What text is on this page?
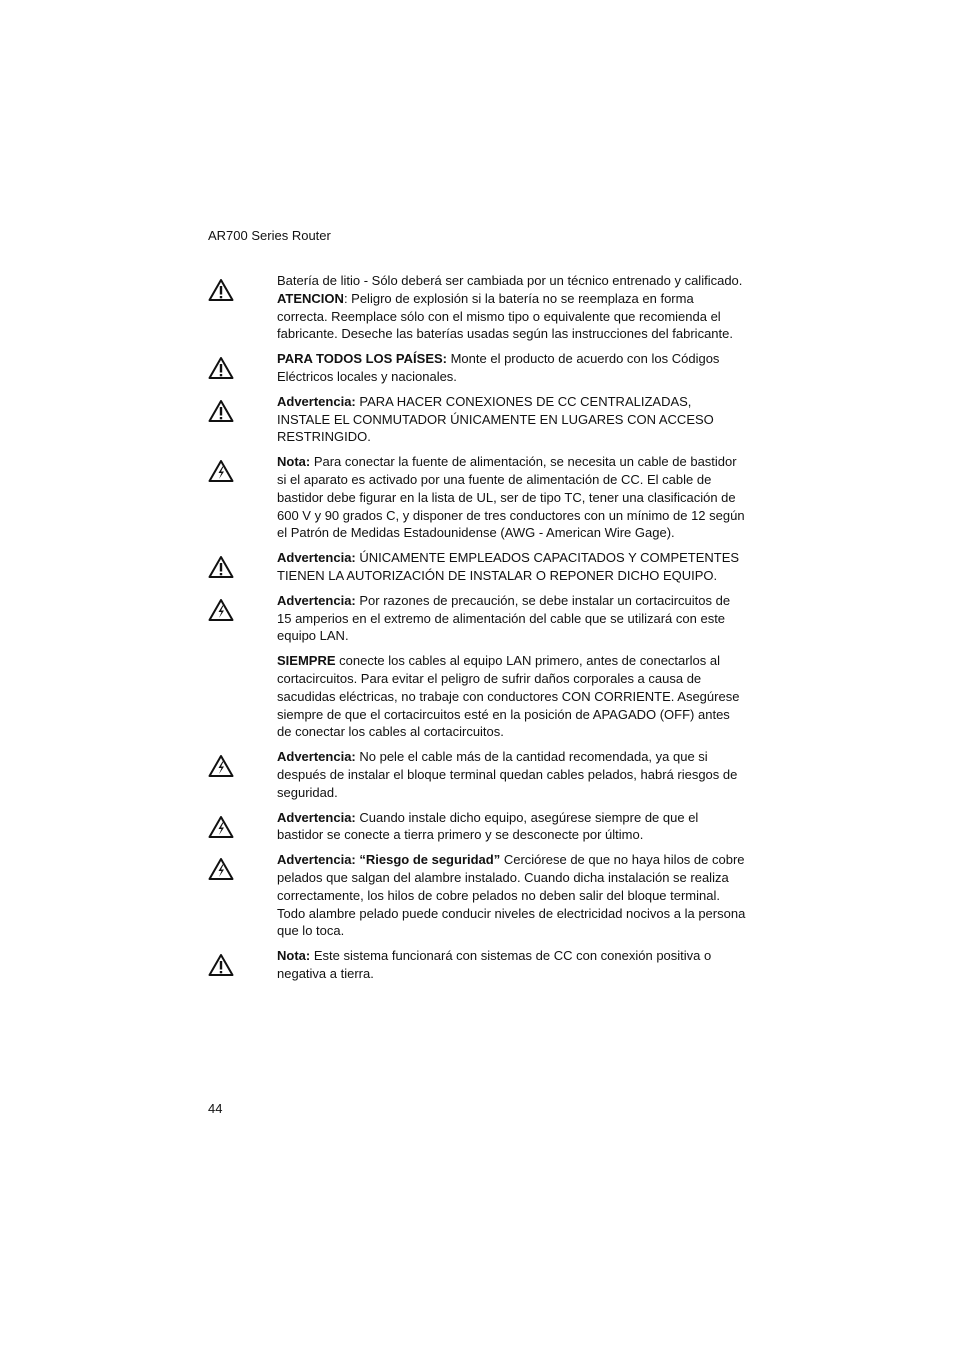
AR700 Series Router
Batería de litio - Sólo deberá ser cambiada por un técnico entrenado y calificado.
ATENCION: Peligro de explosión si la batería no se reemplaza en forma correcta. Reemplace sólo con el mismo tipo o equivalente que recomienda el fabricante. Deseche las baterías usadas según las instrucciones del fabricante.
PARA TODOS LOS PAÍSES: Monte el producto de acuerdo con los Códigos Eléctricos locales y nacionales.
Advertencia: PARA HACER CONEXIONES DE CC CENTRALIZADAS, INSTALE EL CONMUTADOR ÚNICAMENTE EN LUGARES CON ACCESO RESTRINGIDO.
Nota: Para conectar la fuente de alimentación, se necesita un cable de bastidor si el aparato es activado por una fuente de alimentación de CC. El cable de bastidor debe figurar en la lista de UL, ser de tipo TC, tener una clasificación de 600 V y 90 grados C, y disponer de tres conductores con un mínimo de 12 según el Patrón de Medidas Estadounidense (AWG - American Wire Gage).
Advertencia: ÚNICAMENTE EMPLEADOS CAPACITADOS Y COMPETENTES TIENEN LA AUTORIZACIÓN DE INSTALAR O REPONER DICHO EQUIPO.
Advertencia: Por razones de precaución, se debe instalar un cortacircuitos de 15 amperios en el extremo de alimentación del cable que se utilizará con este equipo LAN.
SIEMPRE conecte los cables al equipo LAN primero, antes de conectarlos al cortacircuitos. Para evitar el peligro de sufrir daños corporales a causa de sacudidas eléctricas, no trabaje con conductores CON CORRIENTE. Asegúrese siempre de que el cortacircuitos esté en la posición de APAGADO (OFF) antes de conectar los cables al cortacircuitos.
Advertencia: No pele el cable más de la cantidad recomendada, ya que si después de instalar el bloque terminal quedan cables pelados, habrá riesgos de seguridad.
Advertencia: Cuando instale dicho equipo, asegúrese siempre de que el bastidor se conecte a tierra primero y se desconecte por último.
Advertencia: “Riesgo de seguridad” Cerciórese de que no haya hilos de cobre pelados que salgan del alambre instalado. Cuando dicha instalación se realiza correctamente, los hilos de cobre pelados no deben salir del bloque terminal. Todo alambre pelado puede conducir niveles de electricidad nocivos a la persona que lo toca.
Nota: Este sistema funcionará con sistemas de CC con conexión positiva o negativa a tierra.
44
